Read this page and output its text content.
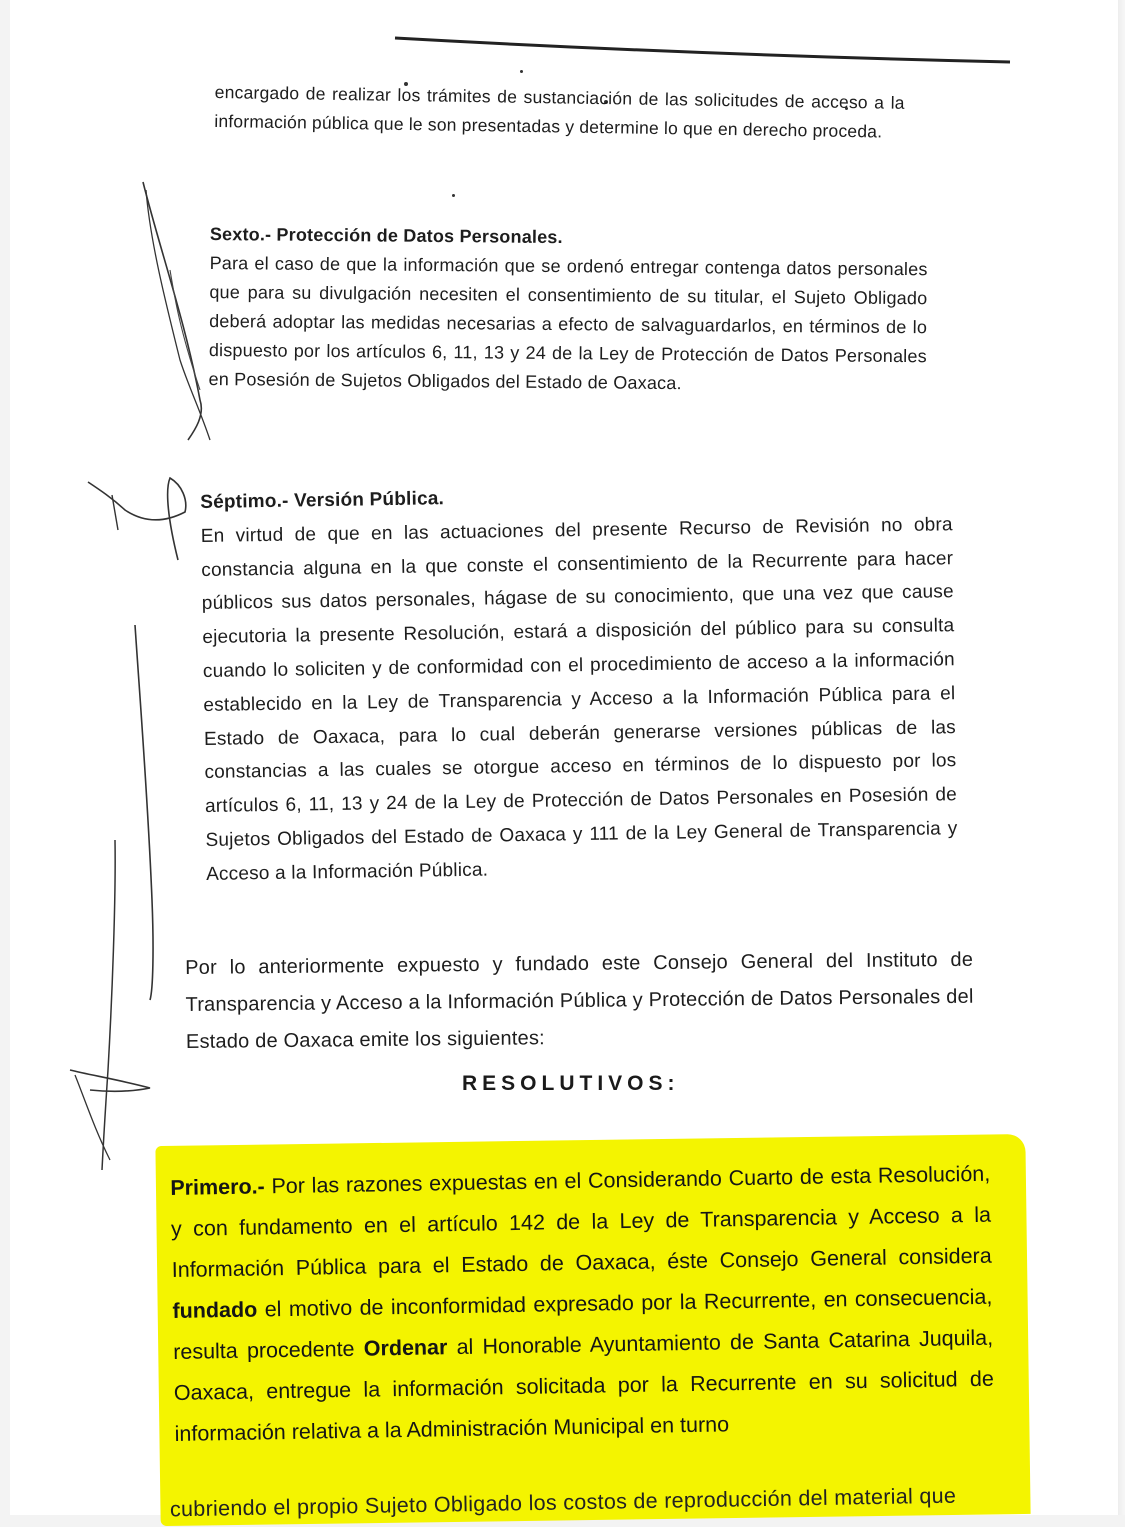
encargado de realizar los trámites de sustanciación de las solicitudes de acceso a la información pública que le son presentadas y determine lo que en derecho proceda.

Sexto.- Protección de Datos Personales.

Para el caso de que la información que se ordenó entregar contenga datos personales que para su divulgación necesiten el consentimiento de su titular, el Sujeto Obligado deberá adoptar las medidas necesarias a efecto de salvaguardarlos, en términos de lo dispuesto por los artículos 6, 11, 13 y 24 de la Ley de Protección de Datos Personales en Posesión de Sujetos Obligados del Estado de Oaxaca.

Séptimo.- Versión Pública.

En virtud de que en las actuaciones del presente Recurso de Revisión no obra constancia alguna en la que conste el consentimiento de la Recurrente para hacer públicos sus datos personales, hágase de su conocimiento, que una vez que cause ejecutoria la presente Resolución, estará a disposición del público para su consulta cuando lo soliciten y de conformidad con el procedimiento de acceso a la información establecido en la Ley de Transparencia y Acceso a la Información Pública para el Estado de Oaxaca, para lo cual deberán generarse versiones públicas de las constancias a las cuales se otorgue acceso en términos de lo dispuesto por los artículos 6, 11, 13 y 24 de la Ley de Protección de Datos Personales en Posesión de Sujetos Obligados del Estado de Oaxaca y 111 de la Ley General de Transparencia y Acceso a la Información Pública.

Por lo anteriormente expuesto y fundado este Consejo General del Instituto de Transparencia y Acceso a la Información Pública y Protección de Datos Personales del Estado de Oaxaca emite los siguientes:

RESOLUTIVOS:

Primero.- Por las razones expuestas en el Considerando Cuarto de esta Resolución, y con fundamento en el artículo 142 de la Ley de Transparencia y Acceso a la Información Pública para el Estado de Oaxaca, éste Consejo General considera fundado el motivo de inconformidad expresado por la Recurrente, en consecuencia, resulta procedente Ordenar al Honorable Ayuntamiento de Santa Catarina Juquila, Oaxaca, entregue la información solicitada por la Recurrente en su solicitud de información relativa a la Administración Municipal en turno

cubriendo el propio Sujeto Obligado los costos de reproducción del material que
